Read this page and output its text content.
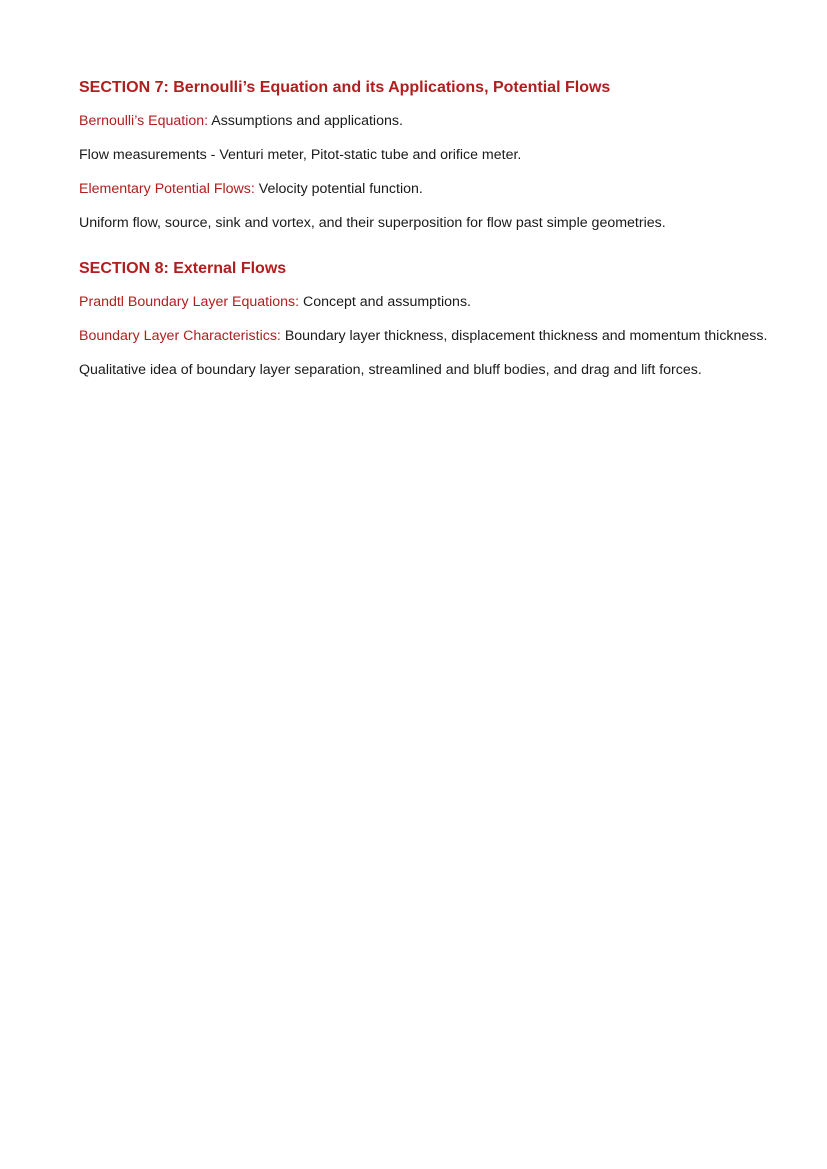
SECTION 7: Bernoulli’s Equation and its Applications, Potential Flows

Bernoulli’s Equation: Assumptions and applications.

Flow measurements - Venturi meter, Pitot-static tube and orifice meter.

Elementary Potential Flows: Velocity potential function.

Uniform flow, source, sink and vortex, and their superposition for flow past simple geometries.

SECTION 8: External Flows

Prandtl Boundary Layer Equations: Concept and assumptions.

Boundary Layer Characteristics: Boundary layer thickness, displacement thickness and momentum thickness.

Qualitative idea of boundary layer separation, streamlined and bluff bodies, and drag and lift forces.
